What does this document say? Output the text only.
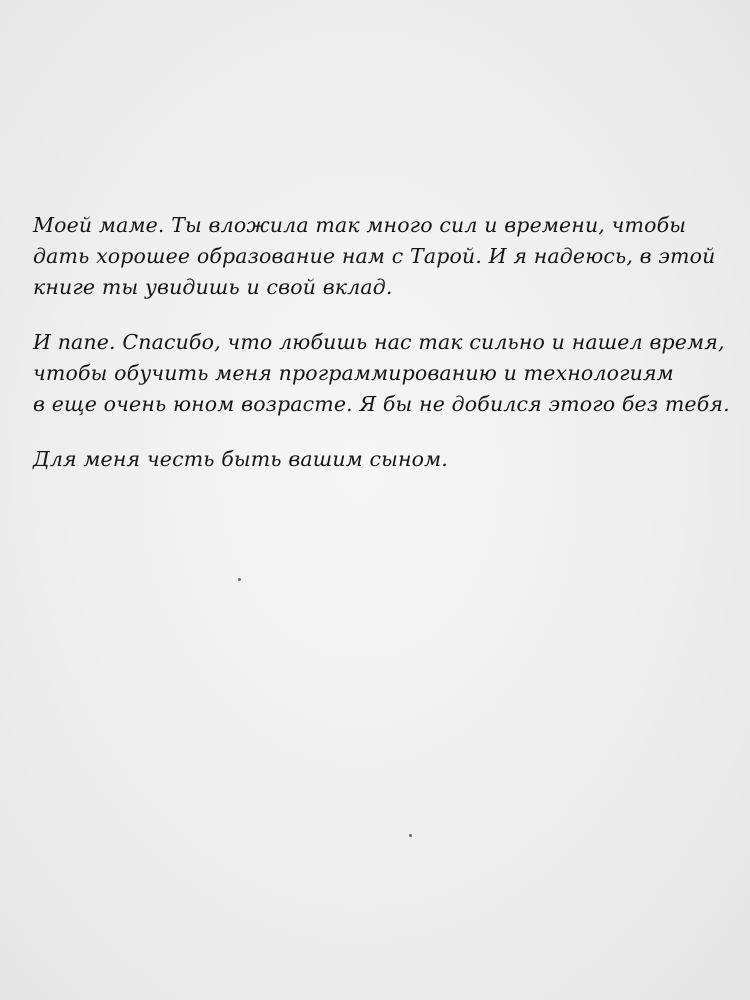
Моей маме. Ты вложила так много сил и времени, чтобы
дать хорошее образование нам с Тарой. И я надеюсь, в этой
книге ты увидишь и свой вклад.

И папе. Спасибо, что любишь нас так сильно и нашел время,
чтобы обучить меня программированию и технологиям
в еще очень юном возрасте. Я бы не добился этого без тебя.

Для меня честь быть вашим сыном.
